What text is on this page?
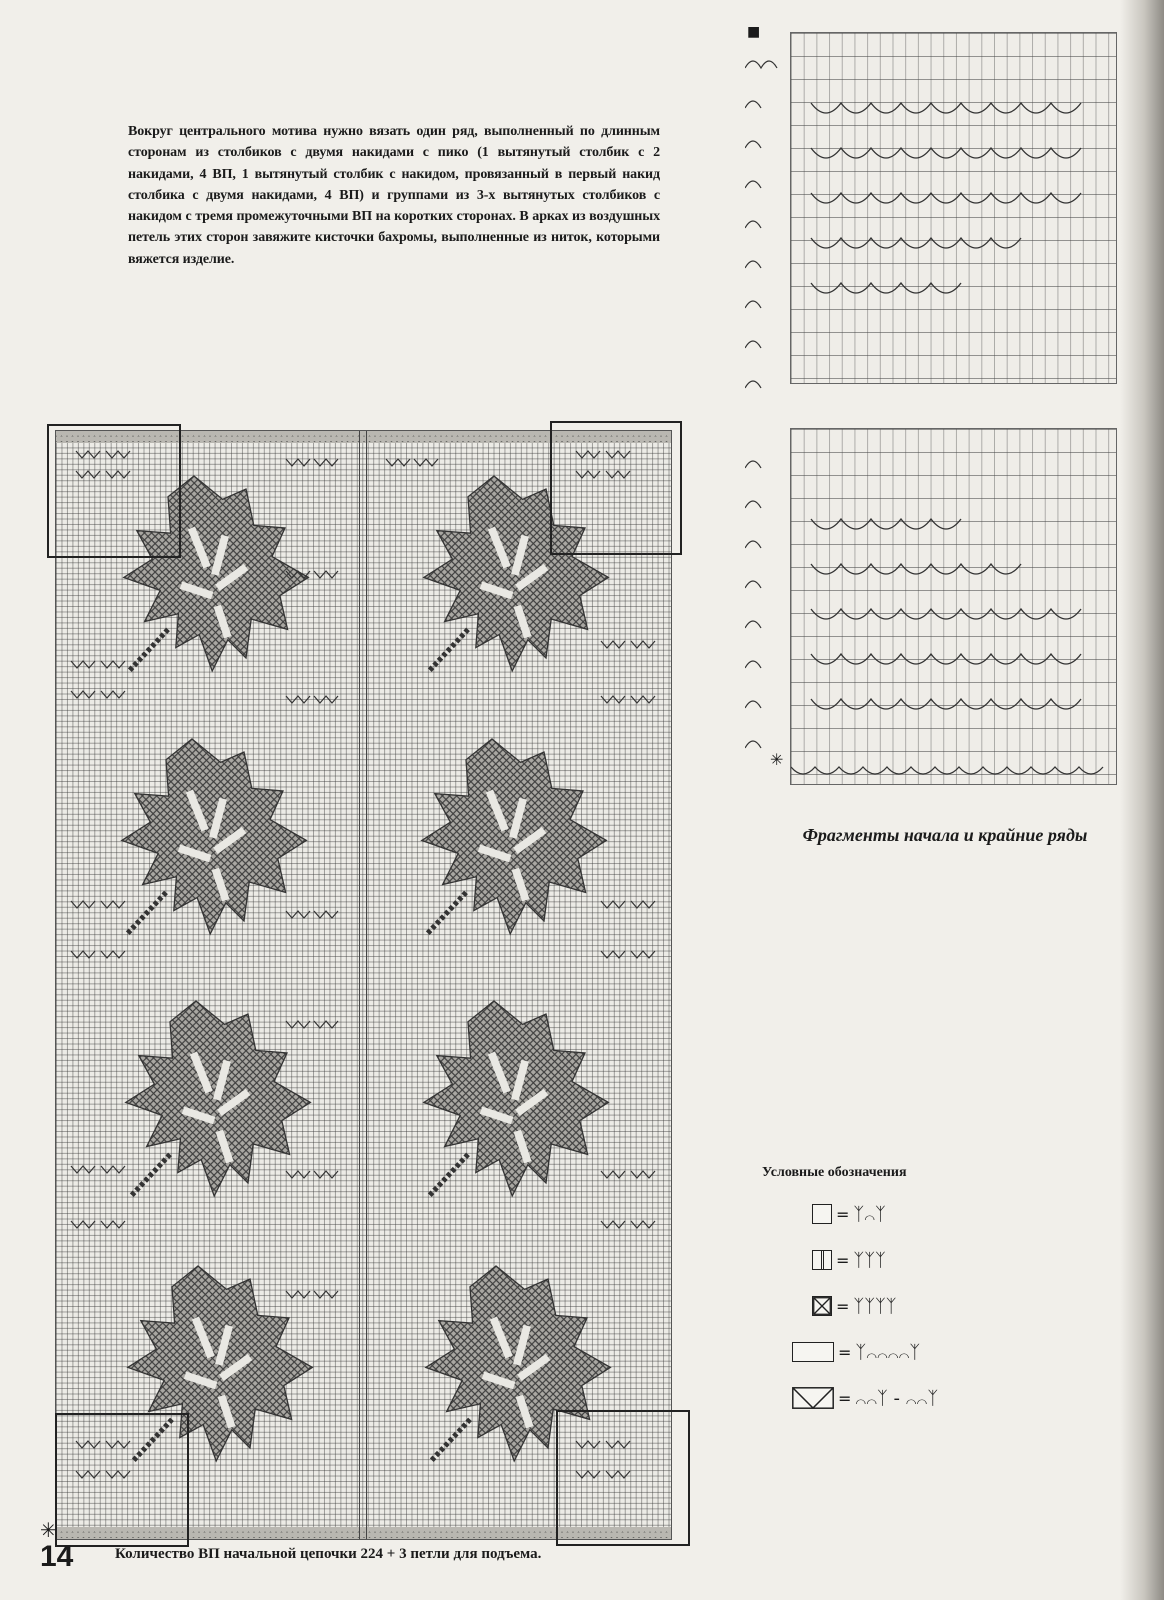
Вокруг центрального мотива нужно вязать один ряд, выполненный по длинным сторонам из столбиков с двумя накидами с пико (1 вытянутый столбик с 2 накидами, 4 ВП, 1 вытянутый столбик с накидом, провязанный в первый накид столбика с двумя накидами, 4 ВП) и группами из 3-х вытянутых столбиков с накидом с тремя промежуточными ВП на коротких сторонах. В арках из воздушных петель этих сторон завяжите кисточки бахромы, выполненные из ниток, которыми вяжется изделие.

✳
■
✳
Фрагменты начала и крайние ряды
Условные обозначения
= ᛉ⌒ᛉ
= ᛉᛉᛉ
= ᛉᛉᛉᛉ
= ᛉ⌒⌒⌒⌒ᛉ
= ⌒⌒ᛉ - ⌒⌒ᛉ
14	Количество ВП начальной цепочки 224 + 3 петли для подъема.
